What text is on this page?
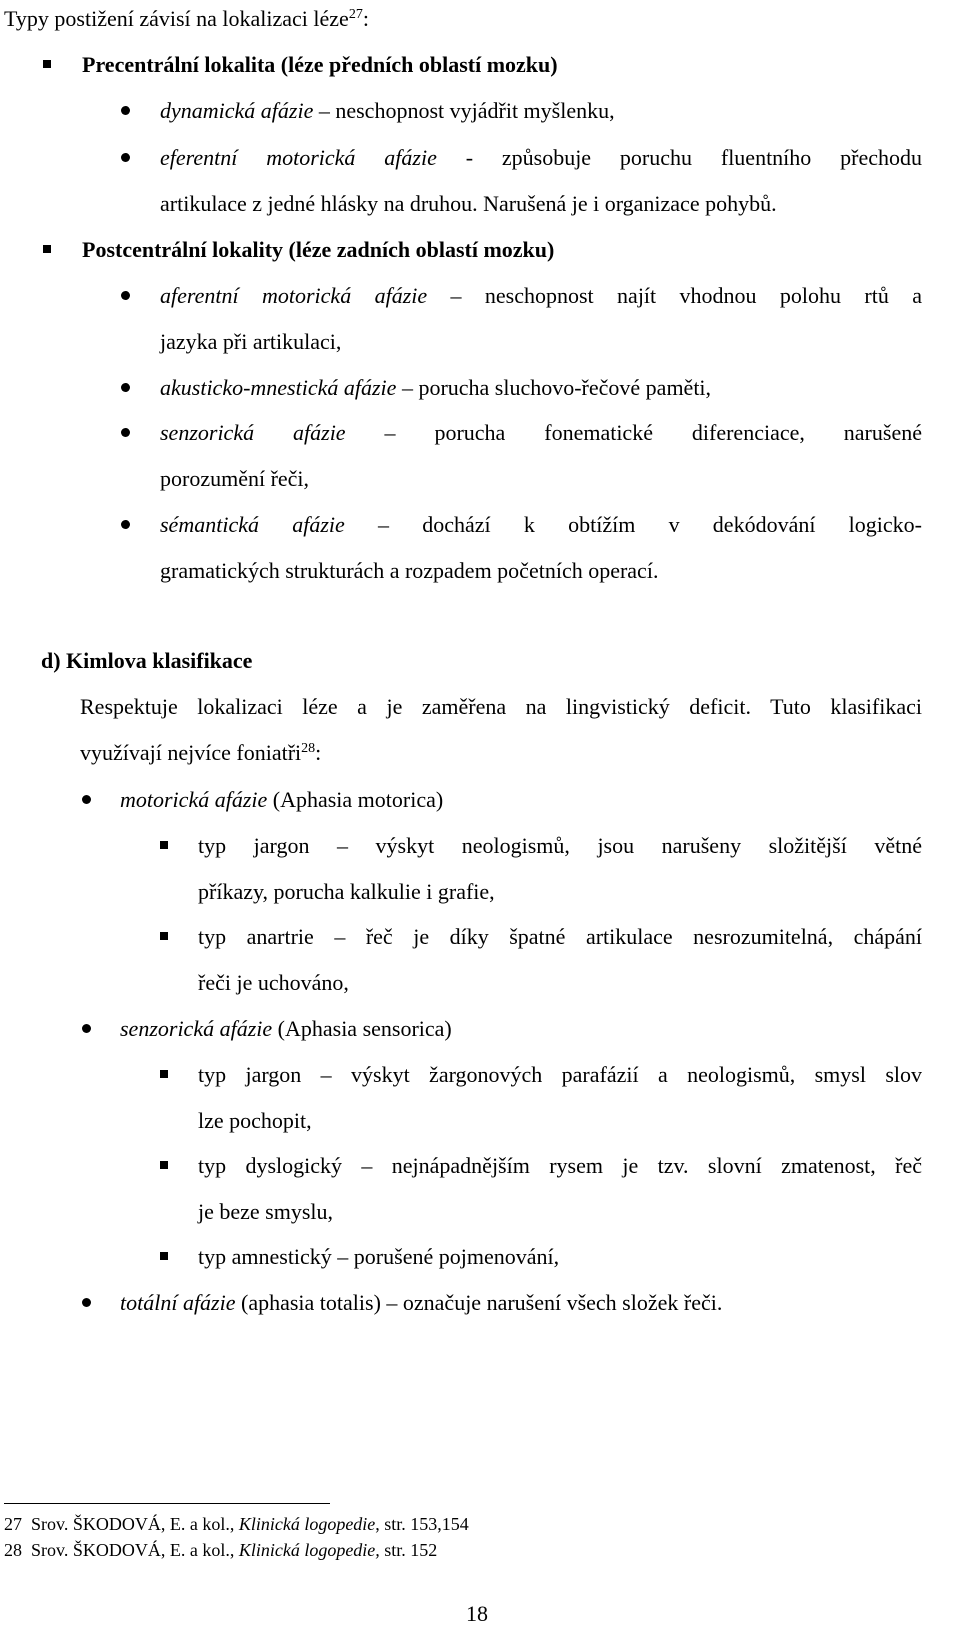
Typy postižení závisí na lokalizaci léze$^{27}$:
Precentrální lokalita (léze předních oblastí mozku)
dynamická afázie – neschopnost vyjádřit myšlenku,
eferentní motorická afázie - způsobuje poruchu fluentního přechodu
artikulace z jedné hlásky na druhou. Narušená je i organizace pohybů.
Postcentrální lokality (léze zadních oblastí mozku)
aferentní motorická afázie – neschopnost najít vhodnou polohu rtů a
jazyka při artikulaci,
akusticko-mnestická afázie – porucha sluchovo-řečové paměti,
senzorická afázie – porucha fonematické diferenciace, narušené
porozumění řeči,
sémantická afázie – dochází k obtížím v dekódování logicko-
gramatických strukturách a rozpadem početních operací.
d) Kimlova klasifikace
Respektuje lokalizaci léze a je zaměřena na lingvistický deficit. Tuto klasifikaci
využívají nejvíce foniatři$^{28}$:
motorická afázie (Aphasia motorica)
typ jargon – výskyt neologismů, jsou narušeny složitější větné
příkazy, porucha kalkulie i grafie,
typ anartrie – řeč je díky špatné artikulace nesrozumitelná, chápání
řeči je uchováno,
senzorická afázie (Aphasia sensorica)
typ jargon – výskyt žargonových parafázií a neologismů, smysl slov
lze pochopit,
typ dyslogický – nejnápadnějším rysem je tzv. slovní zmatenost, řeč
je beze smyslu,
typ amnestický – porušené pojmenování,
totální afázie (aphasia totalis) – označuje narušení všech složek řeči.
27 Srov. ŠKODOVÁ, E. a kol., Klinická logopedie, str. 153,154
28 Srov. ŠKODOVÁ, E. a kol., Klinická logopedie, str. 152
18
